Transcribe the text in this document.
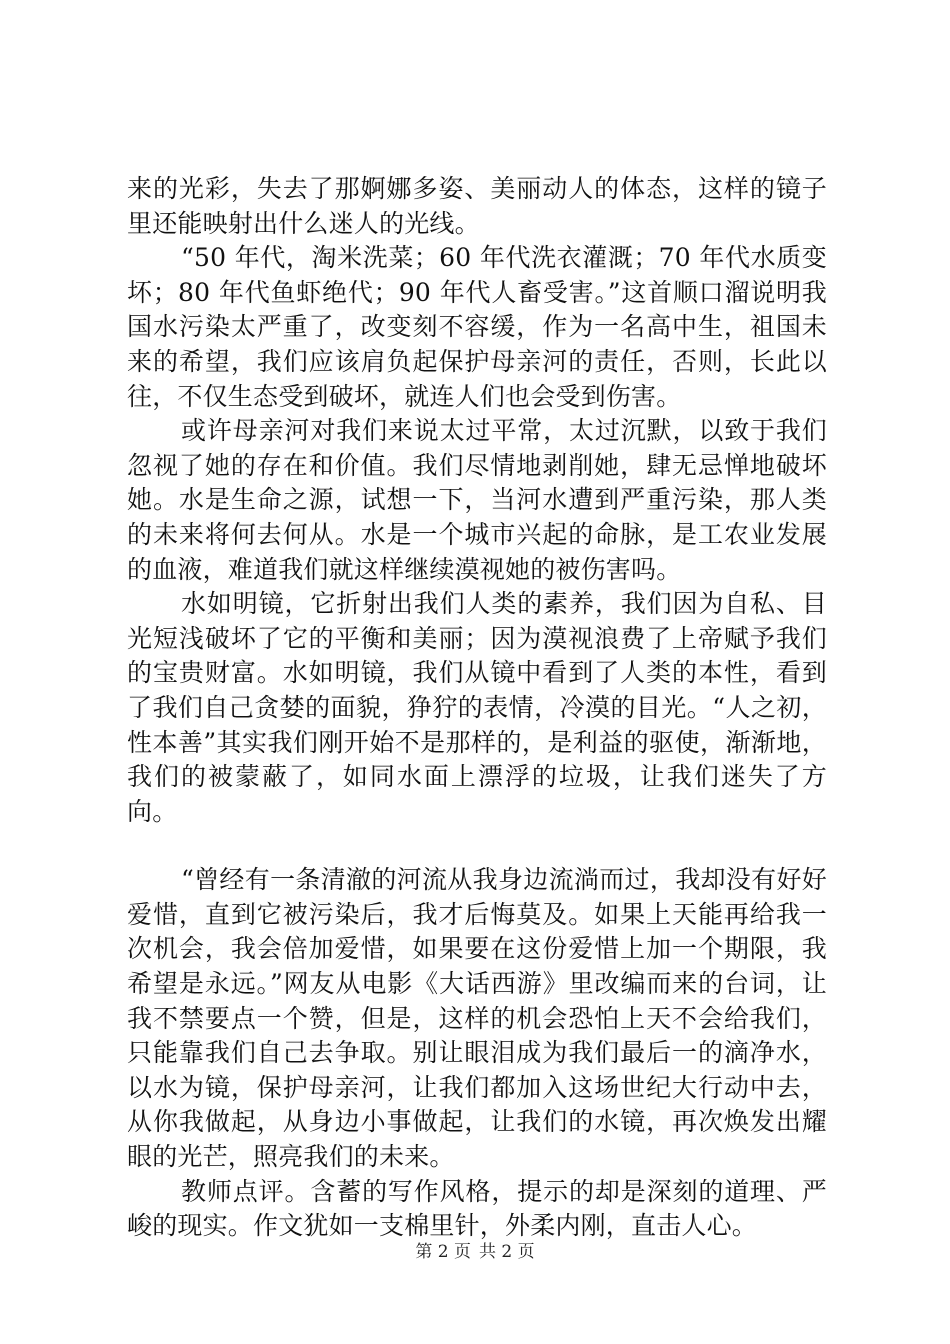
来的光彩，失去了那婀娜多姿、美丽动人的体态，这样的镜子里还能映射出什么迷人的光线。

“50 年代，淘米洗菜；60 年代洗衣灌溉；70 年代水质变坏；80 年代鱼虾绝代；90 年代人畜受害。”这首顺口溜说明我国水污染太严重了，改变刻不容缓，作为一名高中生，祖国未来的希望，我们应该肩负起保护母亲河的责任，否则，长此以往，不仅生态受到破坏，就连人们也会受到伤害。

或许母亲河对我们来说太过平常，太过沉默，以致于我们忽视了她的存在和价值。我们尽情地剥削她，肆无忌惮地破坏她。水是生命之源，试想一下，当河水遭到严重污染，那人类的未来将何去何从。水是一个城市兴起的命脉，是工农业发展的血液，难道我们就这样继续漠视她的被伤害吗。

水如明镜，它折射出我们人类的素养，我们因为自私、目光短浅破坏了它的平衡和美丽；因为漠视浪费了上帝赋予我们的宝贵财富。水如明镜，我们从镜中看到了人类的本性，看到了我们自己贪婪的面貌，狰狞的表情，冷漠的目光。“人之初，性本善”其实我们刚开始不是那样的，是利益的驱使，渐渐地，我们的被蒙蔽了，如同水面上漂浮的垃圾，让我们迷失了方向。

“曾经有一条清澈的河流从我身边流淌而过，我却没有好好爱惜，直到它被污染后，我才后悔莫及。如果上天能再给我一次机会，我会倍加爱惜，如果要在这份爱惜上加一个期限，我希望是永远。”网友从电影《大话西游》里改编而来的台词，让我不禁要点一个赞，但是，这样的机会恐怕上天不会给我们，只能靠我们自己去争取。别让眼泪成为我们最后一的滴净水，以水为镜，保护母亲河，让我们都加入这场世纪大行动中去，从你我做起，从身边小事做起，让我们的水镜，再次焕发出耀眼的光芒，照亮我们的未来。

教师点评。含蓄的写作风格，提示的却是深刻的道理、严峻的现实。作文犹如一支棉里针，外柔内刚，直击人心。

第 2 页 共 2 页
